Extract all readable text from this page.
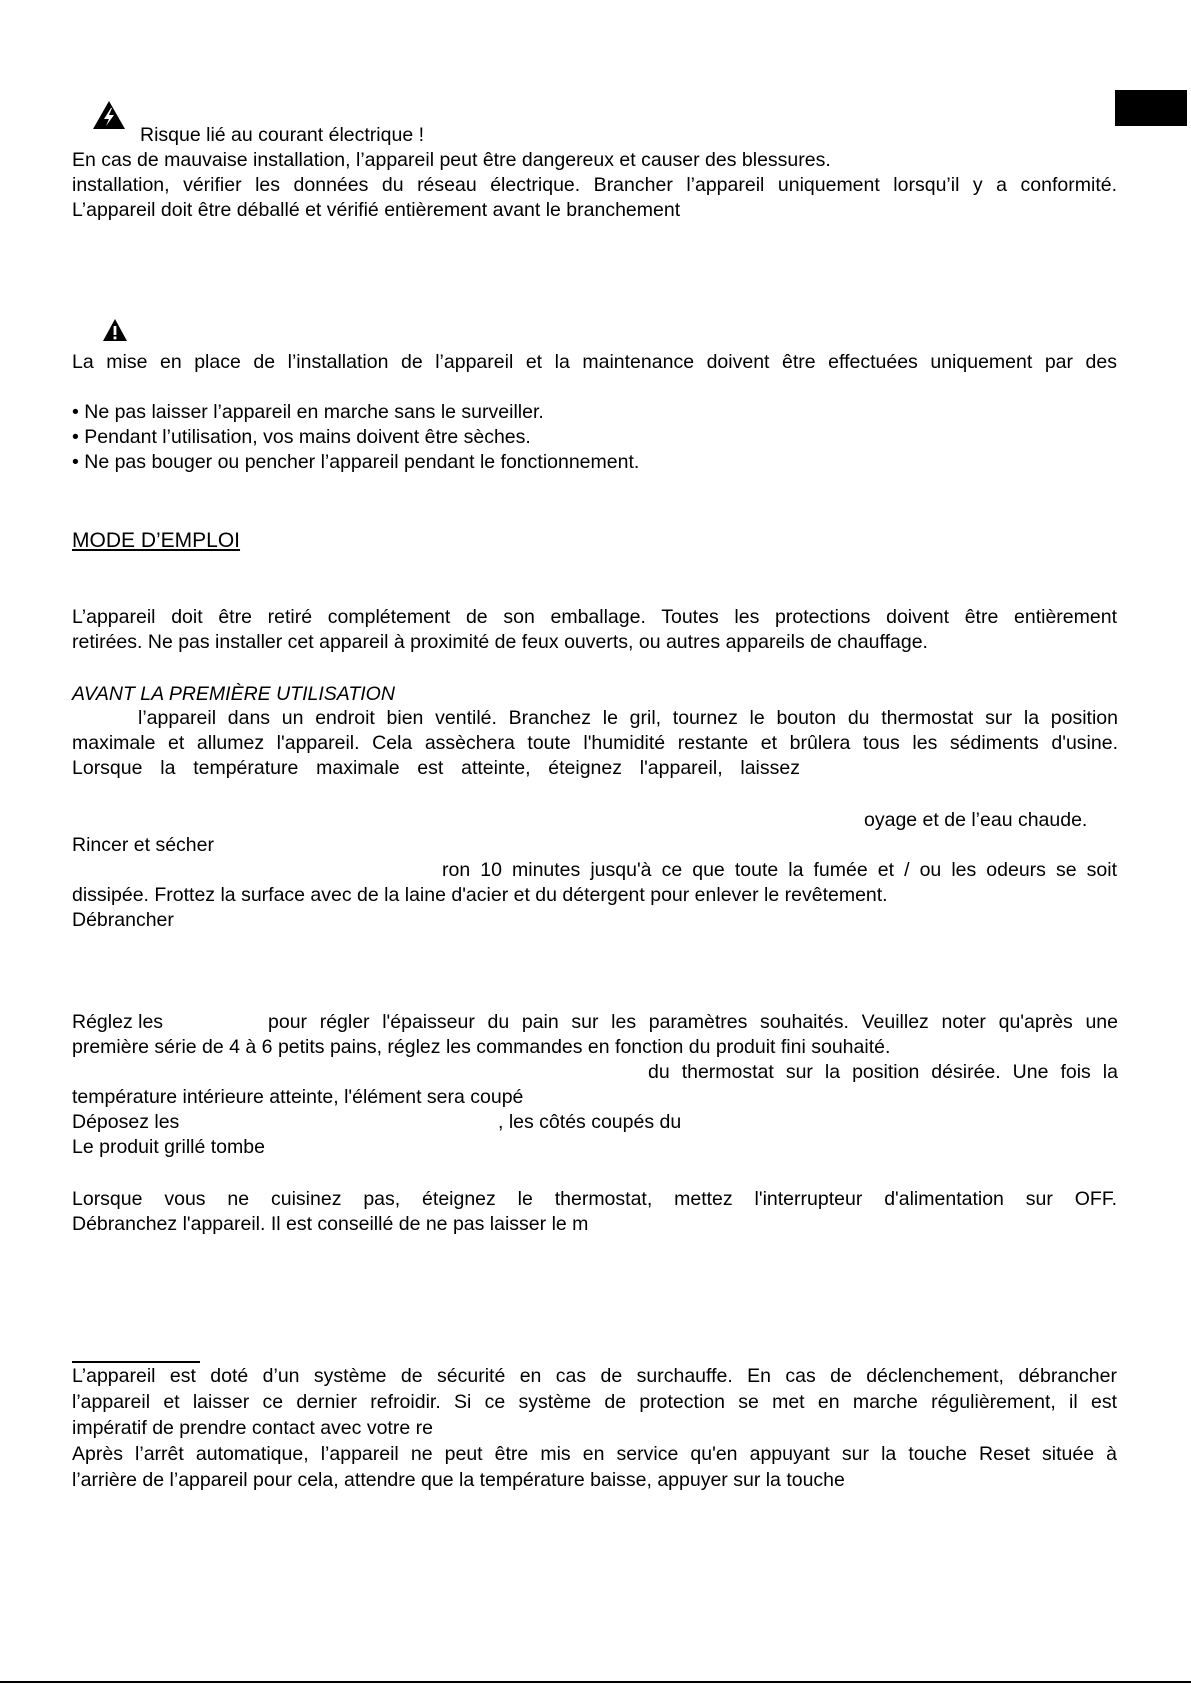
Risque lié au courant électrique !
En cas de mauvaise installation, l’appareil peut être dangereux et causer des blessures.
installation, vérifier les données du réseau électrique. Brancher l’appareil uniquement lorsqu’il y a conformité.
L’appareil doit être déballé et vérifié entièrement avant le branchement
La mise en place de l’installation de l’appareil et la maintenance doivent être effectuées uniquement par des
• Ne pas laisser l’appareil en marche sans le surveiller.
• Pendant l’utilisation, vos mains doivent être sèches.
• Ne pas bouger ou pencher l’appareil pendant le fonctionnement.
MODE D’EMPLOI
L’appareil doit être retiré complétement de son emballage. Toutes les protections doivent être entièrement
retirées. Ne pas installer cet appareil à proximité de feux ouverts, ou autres appareils de chauffage.
AVANT LA PREMIÈRE UTILISATION
l’appareil dans un endroit bien ventilé. Branchez le gril, tournez le bouton du thermostat sur la position
maximale et allumez l'appareil. Cela assèchera toute l'humidité restante et brûlera tous les sédiments d'usine.
Lorsque la température maximale est atteinte, éteignez l'appareil, laissez
oyage et de l’eau chaude.
Rincer et sécher
ron 10 minutes jusqu'à ce que toute la fumée et / ou les odeurs se soit
dissipée. Frottez la surface avec de la laine d'acier et du détergent pour enlever le revêtement.
Débrancher
Réglez les	pour régler l'épaisseur du pain sur les paramètres souhaités. Veuillez noter qu'après une
première série de 4 à 6 petits pains, réglez les commandes en fonction du produit fini souhaité.
du thermostat sur la position désirée. Une fois la
température intérieure atteinte, l'élément sera coupé
Déposez les	, les côtés coupés du
Le produit grillé tombe
Lorsque vous ne cuisinez pas, éteignez le thermostat, mettez l'interrupteur d'alimentation sur OFF.
Débranchez l'appareil. Il est conseillé de ne pas laisser le m
L’appareil est doté d’un système de sécurité en cas de surchauffe. En cas de déclenchement, débrancher
l’appareil et laisser ce dernier refroidir. Si ce système de protection se met en marche régulièrement, il est
impératif de prendre contact avec votre re
Après l’arrêt automatique, l’appareil ne peut être mis en service qu'en appuyant sur la touche Reset située à
l’arrière de l’appareil pour cela, attendre que la température baisse, appuyer sur la touche
